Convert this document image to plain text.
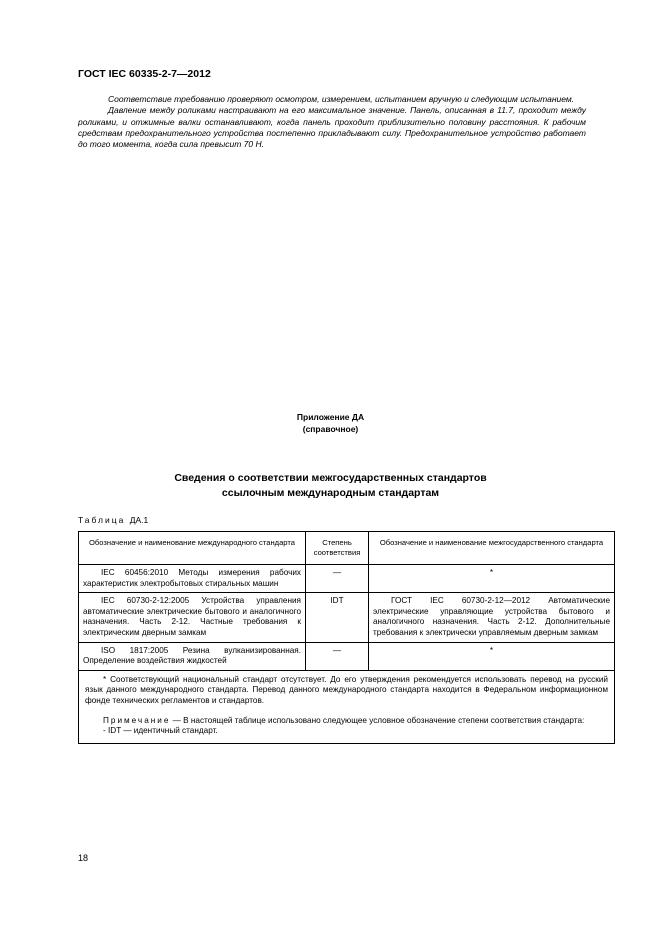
ГОСТ IEC 60335-2-7—2012

Соответствие требованию проверяют осмотром, измерением, испытанием вручную и следующим испытанием.

Давление между роликами настраивают на его максимальное значение. Панель, описанная в 11.7, проходит между роликами, и отжимные валки останавливают, когда панель проходит приблизительно половину расстояния. К рабочим средствам предохранительного устройства постепенно прикладывают силу. Предохранительное устройство работает до того момента, когда сила превысит 70 Н.

Приложение ДА
(справочное)
Сведения о соответствии межгосударственных стандартов
ссылочным международным стандартам
Таблица ДА.1
Обозначение и наименование международного стандарта	Степень соответствия	Обозначение и наименование межгосударственного стандарта
IEC 60456:2010 Методы измерения рабочих характеристик электробытовых стиральных машин	—	*
IEC 60730-2-12:2005 Устройства управления автоматические электрические бытового и аналогичного назначения. Часть 2-12. Частные требования к электрическим дверным замкам	IDT	ГОСТ IEC 60730-2-12—2012 Автоматические электрические управляющие устройства бытового и аналогичного назначения. Часть 2-12. Дополнительные требования к электрически управляемым дверным замкам
ISO 1817:2005 Резина вулканизированная. Определение воздействия жидкостей	—	*

* Соответствующий национальный стандарт отсутствует. До его утверждения рекомендуется использовать перевод на русский язык данного международного стандарта. Перевод данного международного стандарта находится в Федеральном информационном фонде технических регламентов и стандартов.

Примечание — В настоящей таблице использовано следующее условное обозначение степени соответствия стандарта:

- IDT — идентичный стандарт.		

18
